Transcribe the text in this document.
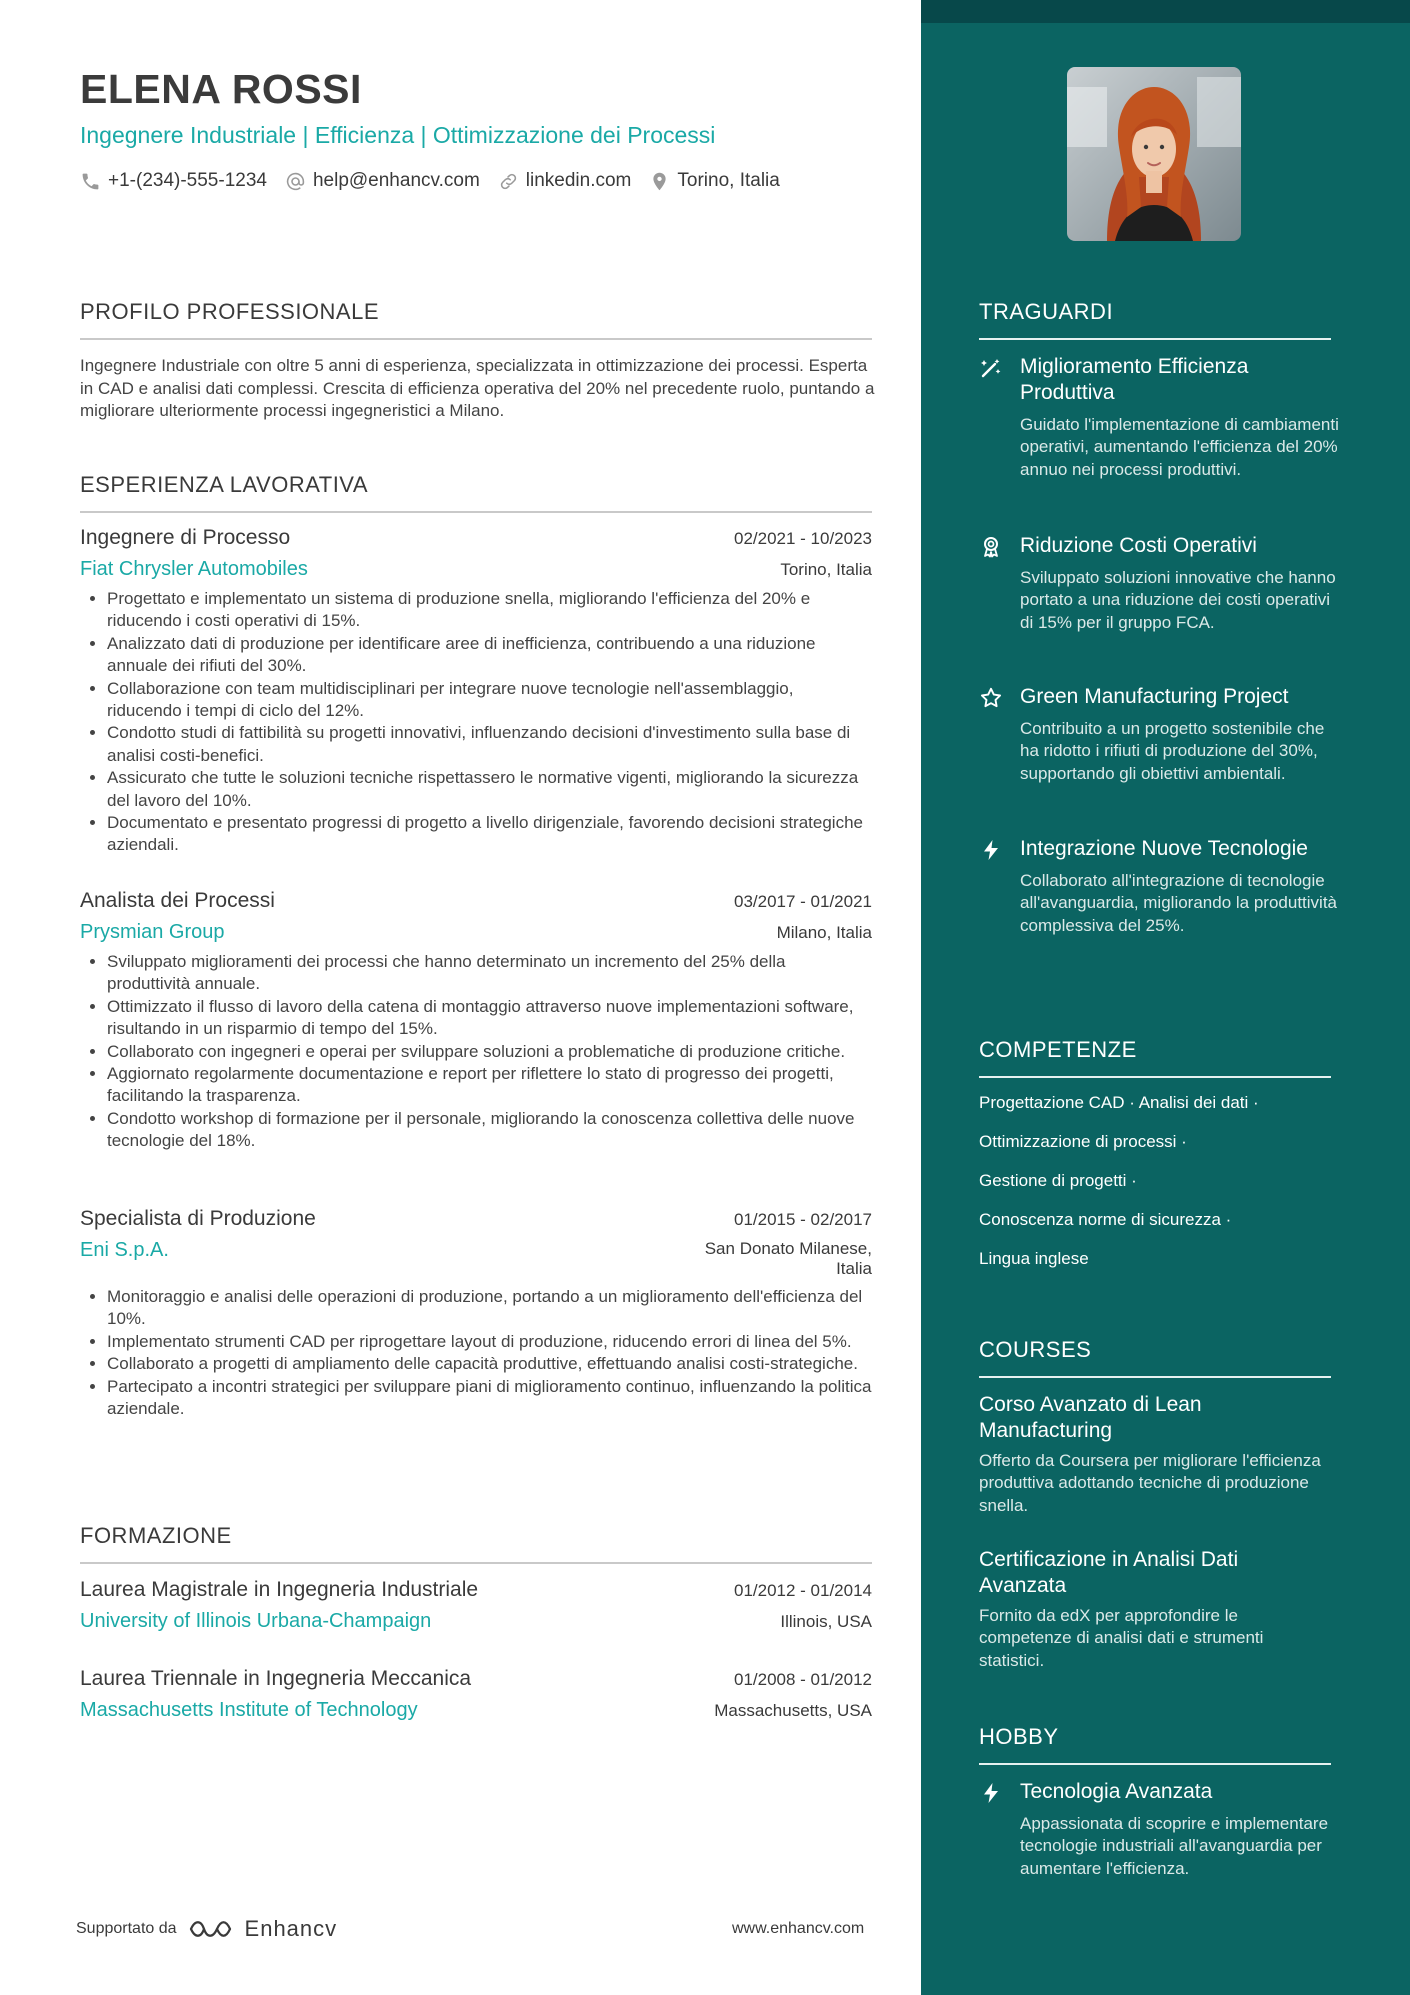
ELENA ROSSI
Ingegnere Industriale | Efficienza | Ottimizzazione dei Processi
+1-(234)-555-1234 help@enhancv.com linkedin.com Torino, Italia
PROFILO PROFESSIONALE
Ingegnere Industriale con oltre 5 anni di esperienza, specializzata in ottimizzazione dei processi. Esperta in CAD e analisi dati complessi. Crescita di efficienza operativa del 20% nel precedente ruolo, puntando a migliorare ulteriormente processi ingegneristici a Milano.
ESPERIENZA LAVORATIVA
Ingegnere di Processo	02/2021 - 10/2023
Fiat Chrysler Automobiles	Torino, Italia
• Progettato e implementato un sistema di produzione snella, migliorando l'efficienza del 20% e riducendo i costi operativi di 15%.
• Analizzato dati di produzione per identificare aree di inefficienza, contribuendo a una riduzione annuale dei rifiuti del 30%.
• Collaborazione con team multidisciplinari per integrare nuove tecnologie nell'assemblaggio, riducendo i tempi di ciclo del 12%.
• Condotto studi di fattibilità su progetti innovativi, influenzando decisioni d'investimento sulla base di analisi costi-benefici.
• Assicurato che tutte le soluzioni tecniche rispettassero le normative vigenti, migliorando la sicurezza del lavoro del 10%.
• Documentato e presentato progressi di progetto a livello dirigenziale, favorendo decisioni strategiche aziendali.
Analista dei Processi	03/2017 - 01/2021
Prysmian Group	Milano, Italia
• Sviluppato miglioramenti dei processi che hanno determinato un incremento del 25% della produttività annuale.
• Ottimizzato il flusso di lavoro della catena di montaggio attraverso nuove implementazioni software, risultando in un risparmio di tempo del 15%.
• Collaborato con ingegneri e operai per sviluppare soluzioni a problematiche di produzione critiche.
• Aggiornato regolarmente documentazione e report per riflettere lo stato di progresso dei progetti, facilitando la trasparenza.
• Condotto workshop di formazione per il personale, migliorando la conoscenza collettiva delle nuove tecnologie del 18%.
Specialista di Produzione	01/2015 - 02/2017
Eni S.p.A.	San Donato Milanese,
Italia
• Monitoraggio e analisi delle operazioni di produzione, portando a un miglioramento dell'efficienza del 10%.
• Implementato strumenti CAD per riprogettare layout di produzione, riducendo errori di linea del 5%.
• Collaborato a progetti di ampliamento delle capacità produttive, effettuando analisi costi-strategiche.
• Partecipato a incontri strategici per sviluppare piani di miglioramento continuo, influenzando la politica aziendale.
FORMAZIONE
Laurea Magistrale in Ingegneria Industriale	01/2012 - 01/2014
University of Illinois Urbana-Champaign	Illinois, USA
Laurea Triennale in Ingegneria Meccanica	01/2008 - 01/2012
Massachusetts Institute of Technology	Massachusetts, USA
Supportato da	Enhancv	www.enhancv.com
TRAGUARDI
Miglioramento Efficienza Produttiva
Guidato l'implementazione di cambiamenti operativi, aumentando l'efficienza del 20% annuo nei processi produttivi.
Riduzione Costi Operativi
Sviluppato soluzioni innovative che hanno portato a una riduzione dei costi operativi di 15% per il gruppo FCA.
Green Manufacturing Project
Contribuito a un progetto sostenibile che ha ridotto i rifiuti di produzione del 30%, supportando gli obiettivi ambientali.
Integrazione Nuove Tecnologie
Collaborato all'integrazione di tecnologie all'avanguardia, migliorando la produttività complessiva del 25%.
COMPETENZE
Progettazione CAD · Analisi dei dati ·
Ottimizzazione di processi ·
Gestione di progetti ·
Conoscenza norme di sicurezza ·
Lingua inglese
COURSES
Corso Avanzato di Lean Manufacturing
Offerto da Coursera per migliorare l'efficienza produttiva adottando tecniche di produzione snella.
Certificazione in Analisi Dati Avanzata
Fornito da edX per approfondire le competenze di analisi dati e strumenti statistici.
HOBBY
Tecnologia Avanzata
Appassionata di scoprire e implementare tecnologie industriali all'avanguardia per aumentare l'efficienza.
